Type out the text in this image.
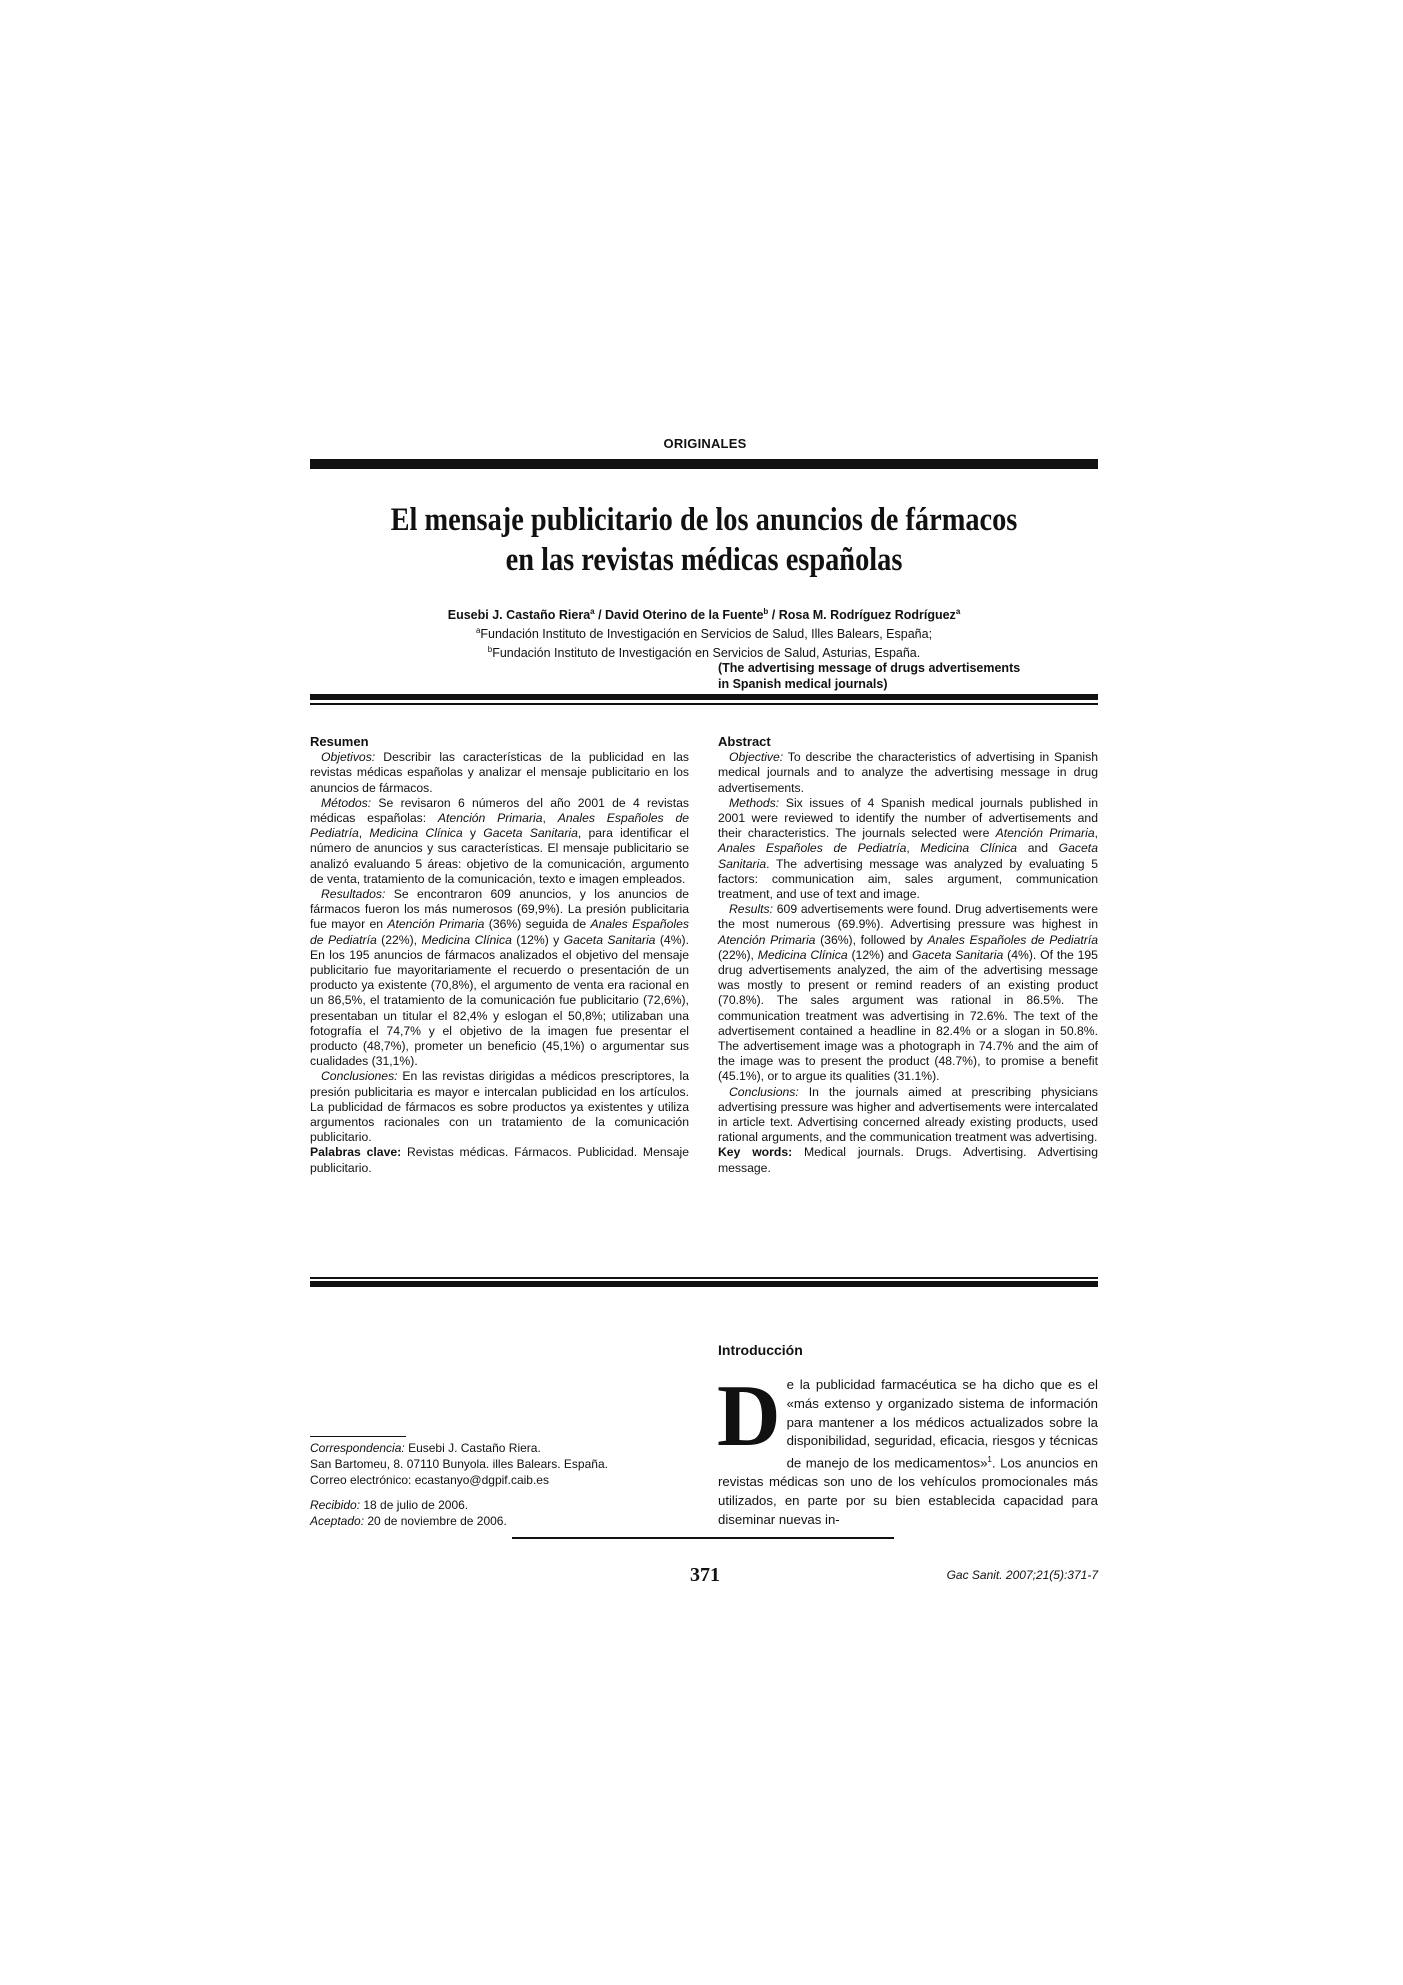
ORIGINALES
El mensaje publicitario de los anuncios de fármacos
en las revistas médicas españolas
Eusebi J. Castaño Riera$^a$ / David Oterino de la Fuente$^b$ / Rosa M. Rodríguez Rodríguez$^a$
$^a$Fundación Instituto de Investigación en Servicios de Salud, Illes Balears, España;
$^b$Fundación Instituto de Investigación en Servicios de Salud, Asturias, España.
(The advertising message of drugs advertisements
in Spanish medical journals)
Resumen

Objetivos: Describir las características de la publicidad en las revistas médicas españolas y analizar el mensaje publicitario en los anuncios de fármacos.

Métodos: Se revisaron 6 números del año 2001 de 4 revistas médicas españolas: Atención Primaria, Anales Españoles de Pediatría, Medicina Clínica y Gaceta Sanitaria, para identificar el número de anuncios y sus características. El mensaje publicitario se analizó evaluando 5 áreas: objetivo de la comunicación, argumento de venta, tratamiento de la comunicación, texto e imagen empleados.

Resultados: Se encontraron 609 anuncios, y los anuncios de fármacos fueron los más numerosos (69,9%). La presión publicitaria fue mayor en Atención Primaria (36%) seguida de Anales Españoles de Pediatría (22%), Medicina Clínica (12%) y Gaceta Sanitaria (4%). En los 195 anuncios de fármacos analizados el objetivo del mensaje publicitario fue mayoritariamente el recuerdo o presentación de un producto ya existente (70,8%), el argumento de venta era racional en un 86,5%, el tratamiento de la comunicación fue publicitario (72,6%), presentaban un titular el 82,4% y eslogan el 50,8%; utilizaban una fotografía el 74,7% y el objetivo de la imagen fue presentar el producto (48,7%), prometer un beneficio (45,1%) o argumentar sus cualidades (31,1%).

Conclusiones: En las revistas dirigidas a médicos prescriptores, la presión publicitaria es mayor e intercalan publicidad en los artículos. La publicidad de fármacos es sobre productos ya existentes y utiliza argumentos racionales con un tratamiento de la comunicación publicitario.

Palabras clave: Revistas médicas. Fármacos. Publicidad. Mensaje publicitario.

Abstract

Objective: To describe the characteristics of advertising in Spanish medical journals and to analyze the advertising message in drug advertisements.

Methods: Six issues of 4 Spanish medical journals published in 2001 were reviewed to identify the number of advertisements and their characteristics. The journals selected were Atención Primaria, Anales Españoles de Pediatría, Medicina Clínica and Gaceta Sanitaria. The advertising message was analyzed by evaluating 5 factors: communication aim, sales argument, communication treatment, and use of text and image.

Results: 609 advertisements were found. Drug advertisements were the most numerous (69.9%). Advertising pressure was highest in Atención Primaria (36%), followed by Anales Españoles de Pediatría (22%), Medicina Clínica (12%) and Gaceta Sanitaria (4%). Of the 195 drug advertisements analyzed, the aim of the advertising message was mostly to present or remind readers of an existing product (70.8%). The sales argument was rational in 86.5%. The communication treatment was advertising in 72.6%. The text of the advertisement contained a headline in 82.4% or a slogan in 50.8%. The advertisement image was a photograph in 74.7% and the aim of the image was to present the product (48.7%), to promise a benefit (45.1%), or to argue its qualities (31.1%).

Conclusions: In the journals aimed at prescribing physicians advertising pressure was higher and advertisements were intercalated in article text. Advertising concerned already existing products, used rational arguments, and the communication treatment was advertising.

Key words: Medical journals. Drugs. Advertising. Advertising message.

Introducción
De la publicidad farmacéutica se ha dicho que es el «más extenso y organizado sistema de información para mantener a los médicos actualizados sobre la disponibilidad, seguridad, eficacia, riesgos y técnicas de manejo de los medicamentos»$^1$. Los anuncios en revistas médicas son uno de los vehículos promocionales más utilizados, en parte por su bien establecida capacidad para diseminar nuevas in-

Correspondencia: Eusebi J. Castaño Riera.

San Bartomeu, 8. 07110 Bunyola. illes Balears. España.

Correo electrónico: ecastanyo@dgpif.caib.es

Recibido: 18 de julio de 2006.

Aceptado: 20 de noviembre de 2006.

371	Gac Sanit. 2007;21(5):371-7
